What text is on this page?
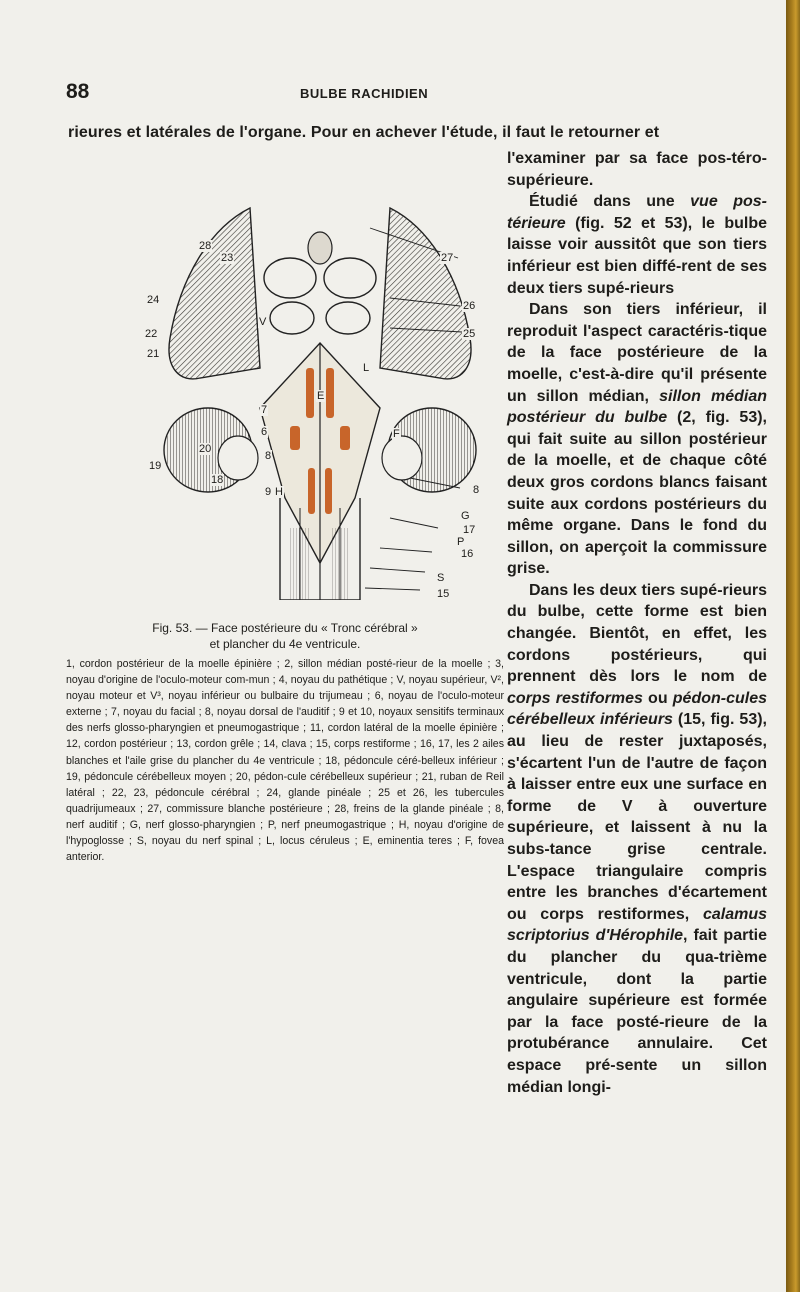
88	BULBE RACHIDIEN
rieures et latérales de l'organe. Pour en achever l'étude, il faut le retourner et

l'examiner par sa face pos-téro-supérieure.

Étudié dans une vue pos-térieure (fig. 52 et 53), le bulbe laisse voir aussitôt que son tiers inférieur est bien diffé-rent de ses deux tiers supé-rieurs

Dans son tiers inférieur, il reproduit l'aspect caractéris-tique de la face postérieure de la moelle, c'est-à-dire qu'il présente un sillon médian, sillon médian postérieur du bulbe (2, fig. 53), qui fait suite au sillon postérieur de la moelle, et de chaque côté deux gros cordons blancs faisant suite aux cordons postérieurs du même organe. Dans le fond du sillon, on aperçoit la commissure grise.

Dans les deux tiers supé-rieurs du bulbe, cette forme est bien changée. Bientôt, en effet, les cordons postérieurs, qui prennent dès lors le nom de corps restiformes ou pédon-cules cérébelleux inférieurs (15, fig. 53), au lieu de rester juxtaposés, s'écartent l'un de l'autre de façon à laisser entre eux une surface en forme de V à ouverture supérieure, et laissent à nu la subs-tance grise centrale. L'espace triangulaire compris entre les branches d'écartement ou corps restiformes, calamus scriptorius d'Hérophile, fait partie du plancher du qua-trième ventricule, dont la partie angulaire supérieure est formée par la face posté-rieure de la protubérance annulaire. Cet espace pré-sente un sillon médian longi-

28
24
23
22
21
20
19
18
27
26
25
8
G
17
P
16
S
15
L
F
7
6
E
8
9 H
V
Fig. 53. — Face postérieure du « Tronc cérébral »
et plancher du 4e ventricule.
1, cordon postérieur de la moelle épinière ; 2, sillon médian posté-rieur de la moelle ; 3, noyau d'origine de l'oculo-moteur com-mun ; 4, noyau du pathétique ; V, noyau supérieur, V², noyau moteur et V³, noyau inférieur ou bulbaire du trijumeau ; 6, noyau de l'oculo-moteur externe ; 7, noyau du facial ; 8, noyau dorsal de l'auditif ; 9 et 10, noyaux sensitifs terminaux des nerfs glosso-pharyngien et pneumogastrique ; 11, cordon latéral de la moelle épinière ; 12, cordon postérieur ; 13, cordon grêle ; 14, clava ; 15, corps restiforme ; 16, 17, les 2 ailes blanches et l'aile grise du plancher du 4e ventricule ; 18, pédoncule céré-belleux inférieur ; 19, pédoncule cérébelleux moyen ; 20, pédon-cule cérébelleux supérieur ; 21, ruban de Reil latéral ; 22, 23, pédoncule cérébral ; 24, glande pinéale ; 25 et 26, les tubercules quadrijumeaux ; 27, commissure blanche postérieure ; 28, freins de la glande pinéale ; 8, nerf auditif ; G, nerf glosso-pharyngien ; P, nerf pneumogastrique ; H, noyau d'origine de l'hypoglosse ; S, noyau du nerf spinal ; L, locus céruleus ; E, eminentia teres ; F, fovea anterior.
